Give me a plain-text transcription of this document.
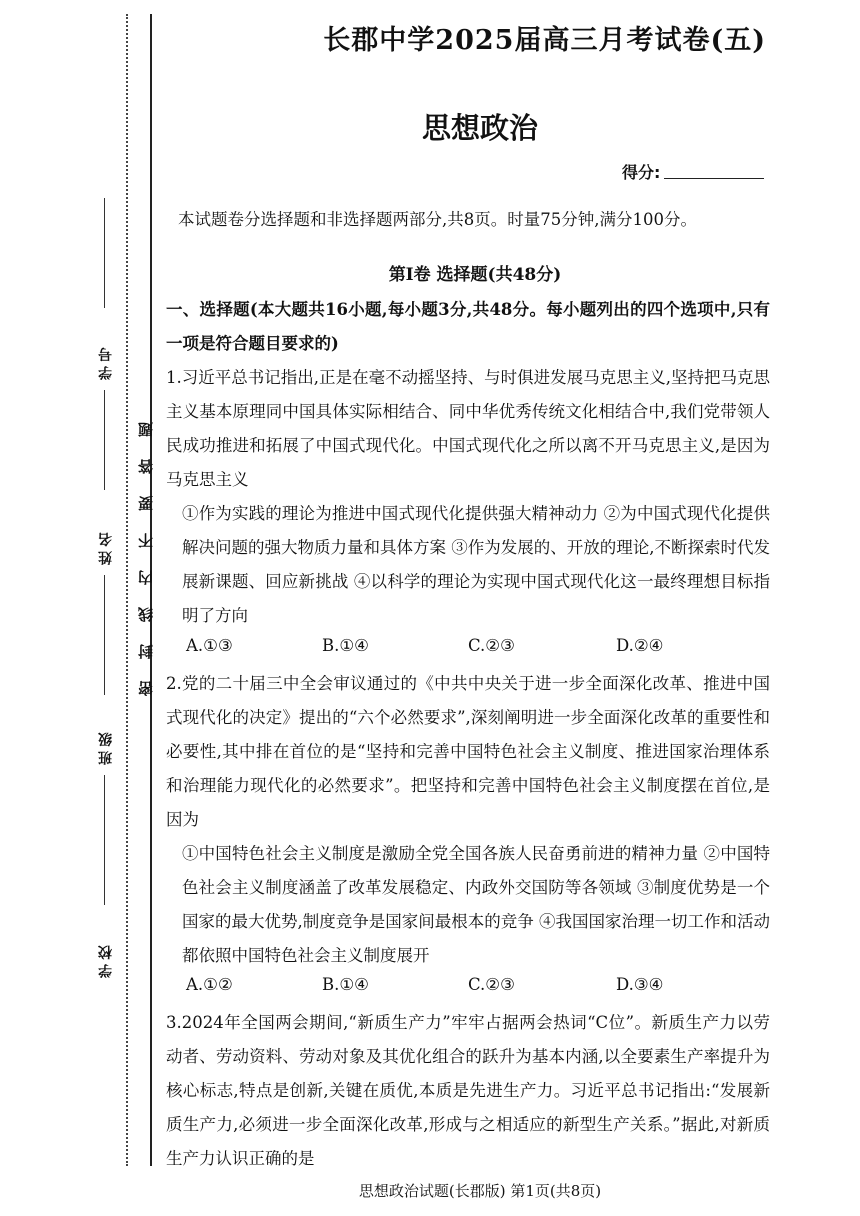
学 号
姓 名
班 级
学 校
密封线内不要答题
长郡中学2025届高三月考试卷(五)
思想政治
得分:
本试题卷分选择题和非选择题两部分,共8页。时量75分钟,满分100分。
第Ⅰ卷 选择题(共48分)
一、选择题(本大题共16小题,每小题3分,共48分。每小题列出的四个选项中,只有一项是符合题目要求的)
1.习近平总书记指出,正是在毫不动摇坚持、与时俱进发展马克思主义,坚持把马克思主义基本原理同中国具体实际相结合、同中华优秀传统文化相结合中,我们党带领人民成功推进和拓展了中国式现代化。中国式现代化之所以离不开马克思主义,是因为马克思主义
①作为实践的理论为推进中国式现代化提供强大精神动力 ②为中国式现代化提供解决问题的强大物质力量和具体方案 ③作为发展的、开放的理论,不断探索时代发展新课题、回应新挑战 ④以科学的理论为实现中国式现代化这一最终理想目标指明了方向
A.①③	B.①④	C.②③	D.②④
2.党的二十届三中全会审议通过的《中共中央关于进一步全面深化改革、推进中国式现代化的决定》提出的“六个必然要求”,深刻阐明进一步全面深化改革的重要性和必要性,其中排在首位的是“坚持和完善中国特色社会主义制度、推进国家治理体系和治理能力现代化的必然要求”。把坚持和完善中国特色社会主义制度摆在首位,是因为
①中国特色社会主义制度是激励全党全国各族人民奋勇前进的精神力量 ②中国特色社会主义制度涵盖了改革发展稳定、内政外交国防等各领域 ③制度优势是一个国家的最大优势,制度竞争是国家间最根本的竞争 ④我国国家治理一切工作和活动都依照中国特色社会主义制度展开
A.①②	B.①④	C.②③	D.③④
3.2024年全国两会期间,“新质生产力”牢牢占据两会热词“C位”。新质生产力以劳动者、劳动资料、劳动对象及其优化组合的跃升为基本内涵,以全要素生产率提升为核心标志,特点是创新,关键在质优,本质是先进生产力。习近平总书记指出:“发展新质生产力,必须进一步全面深化改革,形成与之相适应的新型生产关系。”据此,对新质生产力认识正确的是
思想政治试题(长郡版) 第1页(共8页)
